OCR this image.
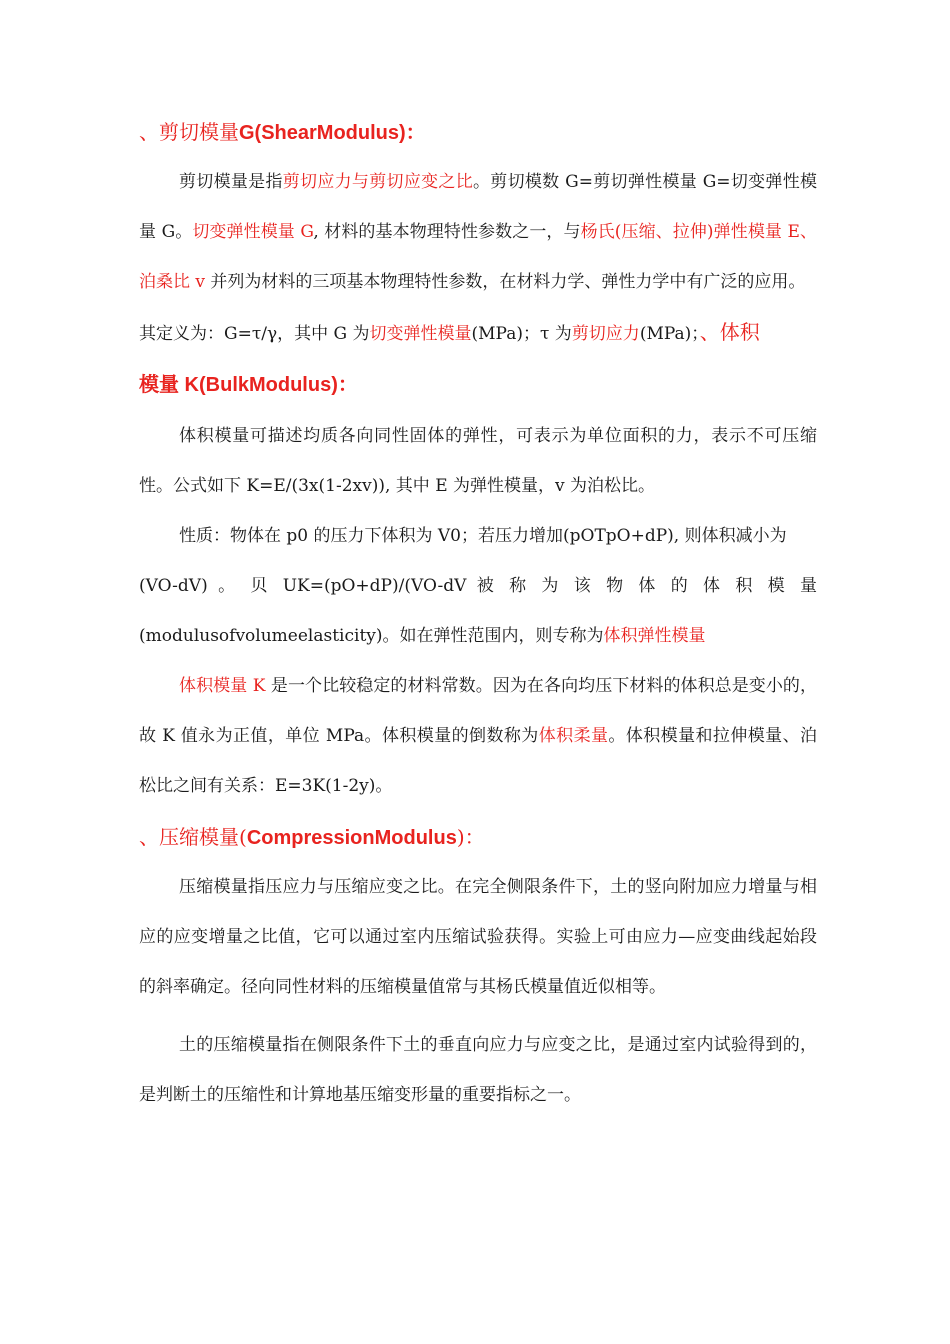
、剪切模量G(ShearModulus)：

剪切模量是指剪切应力与剪切应变之比。剪切模数 G=剪切弹性模量 G=切变弹性模量 G。切变弹性模量 G, 材料的基本物理特性参数之一，与杨氏(压缩、拉伸)弹性模量 E、泊桑比 v 并列为材料的三项基本物理特性参数，在材料力学、弹性力学中有广泛的应用。

其定义为：G=τ/γ，其中 G 为切变弹性模量(MPa)；τ 为剪切应力(MPa)；、体积
模量 K(BulkModulus)：

体积模量可描述均质各向同性固体的弹性，可表示为单位面积的力，表示不可压缩性。公式如下 K=E/(3x(1-2xv)), 其中 E 为弹性模量，v 为泊松比。

性质：物体在 p0 的压力下体积为 V0；若压力增加(pOTpO+dP), 则体积减小为

(VO-dV) 。 贝 UK=(pO+dP)/(VO-dV 被 称 为 该 物 体 的 体 积 模 量

(modulusofvolumeelasticity)。如在弹性范围内，则专称为体积弹性模量

体积模量 K 是一个比较稳定的材料常数。因为在各向均压下材料的体积总是变小的，故 K 值永为正值，单位 MPa。体积模量的倒数称为体积柔量。体积模量和拉伸模量、泊松比之间有关系：E=3K(1-2y)。

、压缩模量(CompressionModulus)：

压缩模量指压应力与压缩应变之比。在完全侧限条件下，土的竖向附加应力增量与相应的应变增量之比值，它可以通过室内压缩试验获得。实验上可由应力—应变曲线起始段的斜率确定。径向同性材料的压缩模量值常与其杨氏模量值近似相等。

土的压缩模量指在侧限条件下土的垂直向应力与应变之比，是通过室内试验得到的，是判断土的压缩性和计算地基压缩变形量的重要指标之一。
